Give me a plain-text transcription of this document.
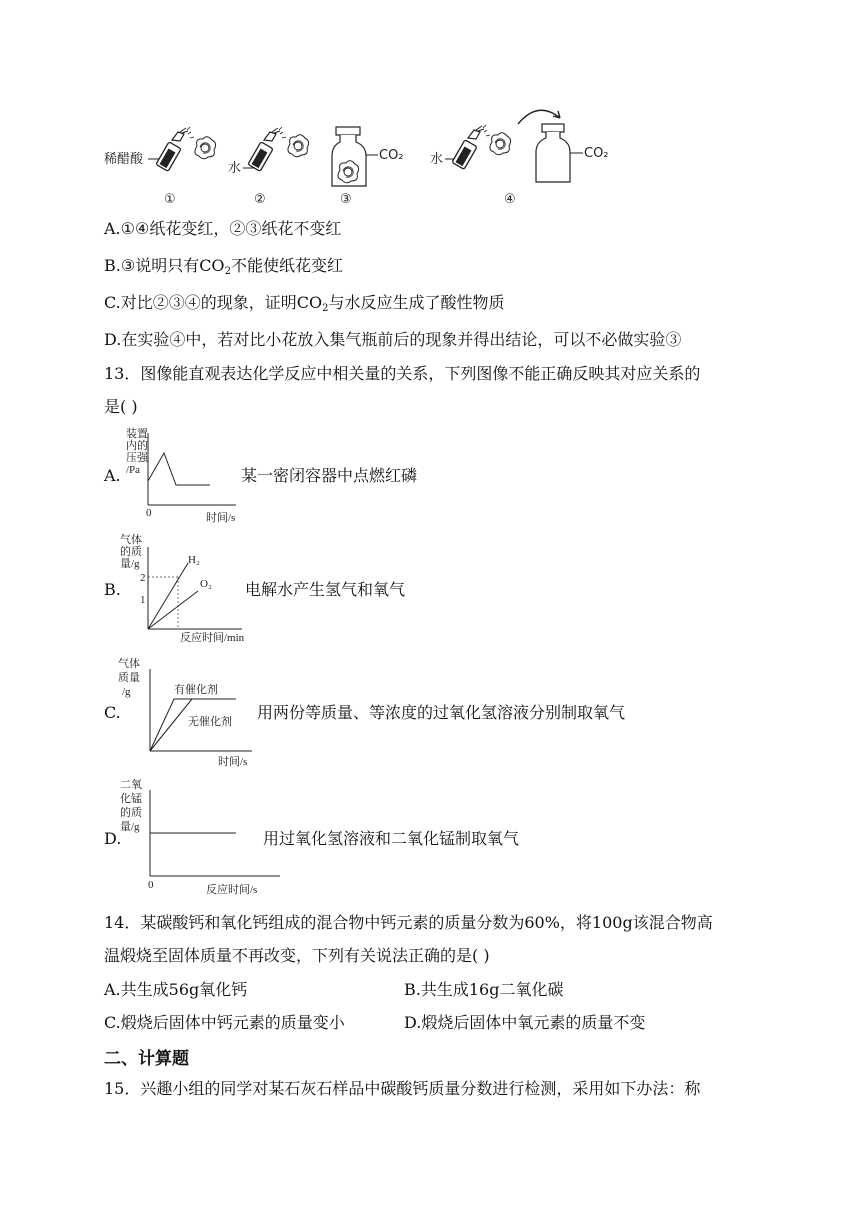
稀醋酸
①
水
②
CO₂
③
水	CO₂
④
A.①④纸花变红，②③纸花不变红
B.③说明只有$CO_2$不能使纸花变红
C.对比②③④的现象，证明$CO_2$与水反应生成了酸性物质
D.在实验④中，若对比小花放入集气瓶前后的现象并得出结论，可以不必做实验③
13．图像能直观表达化学反应中相关量的关系，下列图像不能正确反映其对应关系的
是( )
A.
装置
内的
压强
/Pa
0	时间/s
某一密闭容器中点燃红磷
B.
气体
的质
量/g
2
1
H₂
O₂
反应时间/min
电解水产生氢气和氧气
C.
气体
质量
/g	有催化剂
无催化剂
时间/s
用两份等质量、等浓度的过氧化氢溶液分别制取氧气
D.
二氧
化锰
的质
量/g
0	反应时间/s
用过氧化氢溶液和二氧化锰制取氧气
14．某碳酸钙和氧化钙组成的混合物中钙元素的质量分数为60%，将100g该混合物高
温煅烧至固体质量不再改变，下列有关说法正确的是( )
A.共生成56g氧化钙	B.共生成16g二氧化碳
C.煅烧后固体中钙元素的质量变小	D.煅烧后固体中氧元素的质量不变
二、计算题
15．兴趣小组的同学对某石灰石样品中碳酸钙质量分数进行检测，采用如下办法：称
